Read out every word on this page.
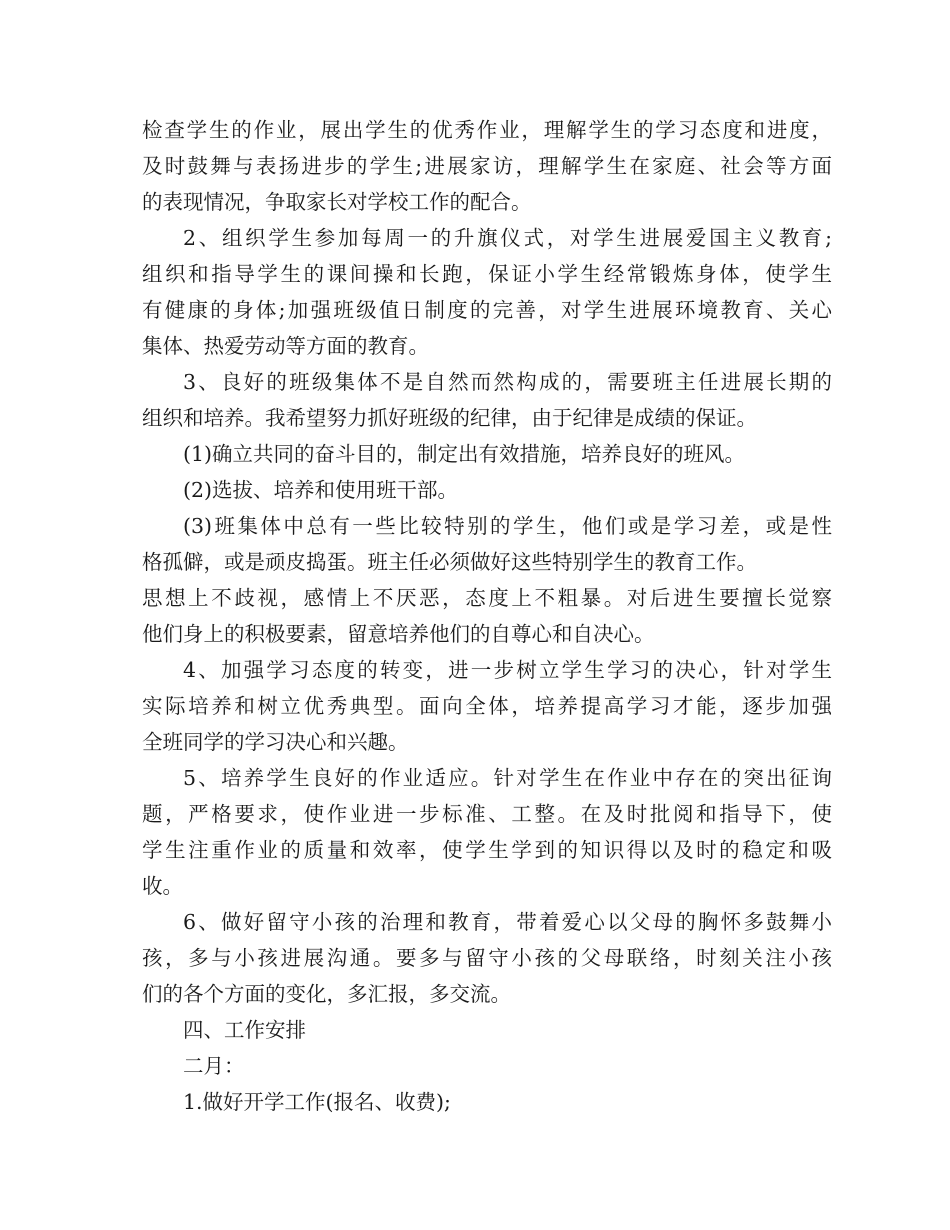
检查学生的作业，展出学生的优秀作业，理解学生的学习态度和进度，
及时鼓舞与表扬进步的学生;进展家访，理解学生在家庭、社会等方面
的表现情况，争取家长对学校工作的配合。
2、组织学生参加每周一的升旗仪式，对学生进展爱国主义教育;
组织和指导学生的课间操和长跑，保证小学生经常锻炼身体，使学生
有健康的身体;加强班级值日制度的完善，对学生进展环境教育、关心
集体、热爱劳动等方面的教育。
3、良好的班级集体不是自然而然构成的，需要班主任进展长期的
组织和培养。我希望努力抓好班级的纪律，由于纪律是成绩的保证。
(1)确立共同的奋斗目的，制定出有效措施，培养良好的班风。
(2)选拔、培养和使用班干部。
(3)班集体中总有一些比较特别的学生，他们或是学习差，或是性
格孤僻，或是顽皮捣蛋。班主任必须做好这些特别学生的教育工作。
思想上不歧视，感情上不厌恶，态度上不粗暴。对后进生要擅长觉察
他们身上的积极要素，留意培养他们的自尊心和自决心。
4、加强学习态度的转变，进一步树立学生学习的决心，针对学生
实际培养和树立优秀典型。面向全体，培养提高学习才能，逐步加强
全班同学的学习决心和兴趣。
5、培养学生良好的作业适应。针对学生在作业中存在的突出征询
题，严格要求，使作业进一步标准、工整。在及时批阅和指导下，使
学生注重作业的质量和效率，使学生学到的知识得以及时的稳定和吸
收。
6、做好留守小孩的治理和教育，带着爱心以父母的胸怀多鼓舞小
孩，多与小孩进展沟通。要多与留守小孩的父母联络，时刻关注小孩
们的各个方面的变化，多汇报，多交流。
四、工作安排
二月：
1.做好开学工作(报名、收费);
